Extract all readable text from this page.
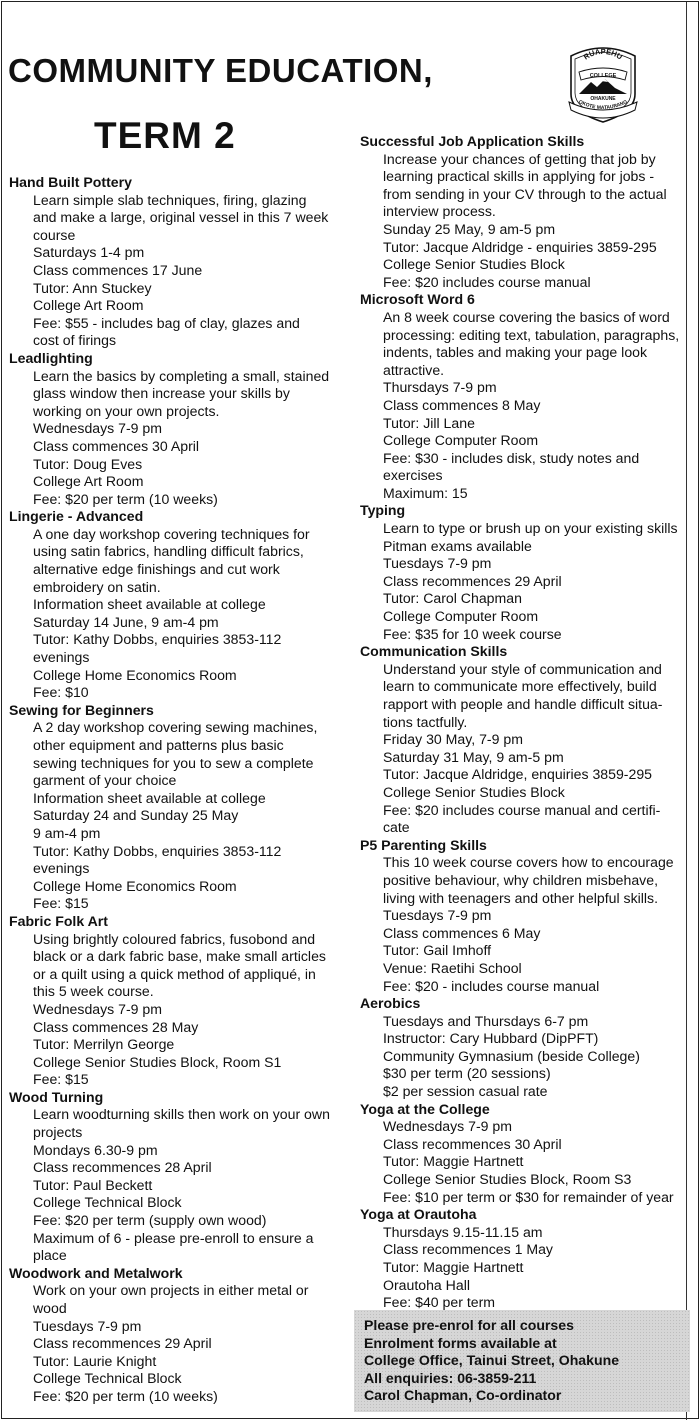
COMMUNITY EDUCATION,
TERM 2
RUAPEHU
COLLEGE
OHAKUNE
OKOTE MATAURANG
Hand Built Pottery
Learn simple slab techniques, firing, glazing
and make a large, original vessel in this 7 week
course
Saturdays 1-4 pm
Class commences 17 June
Tutor: Ann Stuckey
College Art Room
Fee: $55 - includes bag of clay, glazes and
cost of firings
Leadlighting
Learn the basics by completing a small, stained
glass window then increase your skills by
working on your own projects.
Wednesdays 7-9 pm
Class commences 30 April
Tutor: Doug Eves
College Art Room
Fee: $20 per term (10 weeks)
Lingerie - Advanced
A one day workshop covering techniques for
using satin fabrics, handling difficult fabrics,
alternative edge finishings and cut work
embroidery on satin.
Information sheet available at college
Saturday 14 June, 9 am-4 pm
Tutor: Kathy Dobbs, enquiries 3853-112
evenings
College Home Economics Room
Fee: $10
Sewing for Beginners
A 2 day workshop covering sewing machines,
other equipment and patterns plus basic
sewing techniques for you to sew a complete
garment of your choice
Information sheet available at college
Saturday 24 and Sunday 25 May
9 am-4 pm
Tutor: Kathy Dobbs, enquiries 3853-112
evenings
College Home Economics Room
Fee: $15
Fabric Folk Art
Using brightly coloured fabrics, fusobond and
black or a dark fabric base, make small articles
or a quilt using a quick method of appliqué, in
this 5 week course.
Wednesdays 7-9 pm
Class commences 28 May
Tutor: Merrilyn George
College Senior Studies Block, Room S1
Fee: $15
Wood Turning
Learn woodturning skills then work on your own
projects
Mondays 6.30-9 pm
Class recommences 28 April
Tutor: Paul Beckett
College Technical Block
Fee: $20 per term (supply own wood)
Maximum of 6 - please pre-enroll to ensure a
place
Woodwork and Metalwork
Work on your own projects in either metal or
wood
Tuesdays 7-9 pm
Class recommences 29 April
Tutor: Laurie Knight
College Technical Block
Fee: $20 per term (10 weeks)
Successful Job Application Skills
Increase your chances of getting that job by
learning practical skills in applying for jobs -
from sending in your CV through to the actual
interview process.
Sunday 25 May, 9 am-5 pm
Tutor: Jacque Aldridge - enquiries 3859-295
College Senior Studies Block
Fee: $20 includes course manual
Microsoft Word 6
An 8 week course covering the basics of word
processing: editing text, tabulation, paragraphs,
indents, tables and making your page look
attractive.
Thursdays 7-9 pm
Class commences 8 May
Tutor: Jill Lane
College Computer Room
Fee: $30 - includes disk, study notes and
exercises
Maximum: 15
Typing
Learn to type or brush up on your existing skills
Pitman exams available
Tuesdays 7-9 pm
Class recommences 29 April
Tutor: Carol Chapman
College Computer Room
Fee: $35 for 10 week course
Communication Skills
Understand your style of communication and
learn to communicate more effectively, build
rapport with people and handle difficult situa-
tions tactfully.
Friday 30 May, 7-9 pm
Saturday 31 May, 9 am-5 pm
Tutor: Jacque Aldridge, enquiries 3859-295
College Senior Studies Block
Fee: $20 includes course manual and certifi-
cate
P5 Parenting Skills
This 10 week course covers how to encourage
positive behaviour, why children misbehave,
living with teenagers and other helpful skills.
Tuesdays 7-9 pm
Class commences 6 May
Tutor: Gail Imhoff
Venue: Raetihi School
Fee: $20 - includes course manual
Aerobics
Tuesdays and Thursdays 6-7 pm
Instructor: Cary Hubbard (DipPFT)
Community Gymnasium (beside College)
$30 per term (20 sessions)
$2 per session casual rate
Yoga at the College
Wednesdays 7-9 pm
Class recommences 30 April
Tutor: Maggie Hartnett
College Senior Studies Block, Room S3
Fee: $10 per term or $30 for remainder of year
Yoga at Orautoha
Thursdays 9.15-11.15 am
Class recommences 1 May
Tutor: Maggie Hartnett
Orautoha Hall
Fee: $40 per term
Please pre-enrol for all courses
Enrolment forms available at
College Office, Tainui Street, Ohakune
All enquiries: 06-3859-211
Carol Chapman, Co-ordinator
